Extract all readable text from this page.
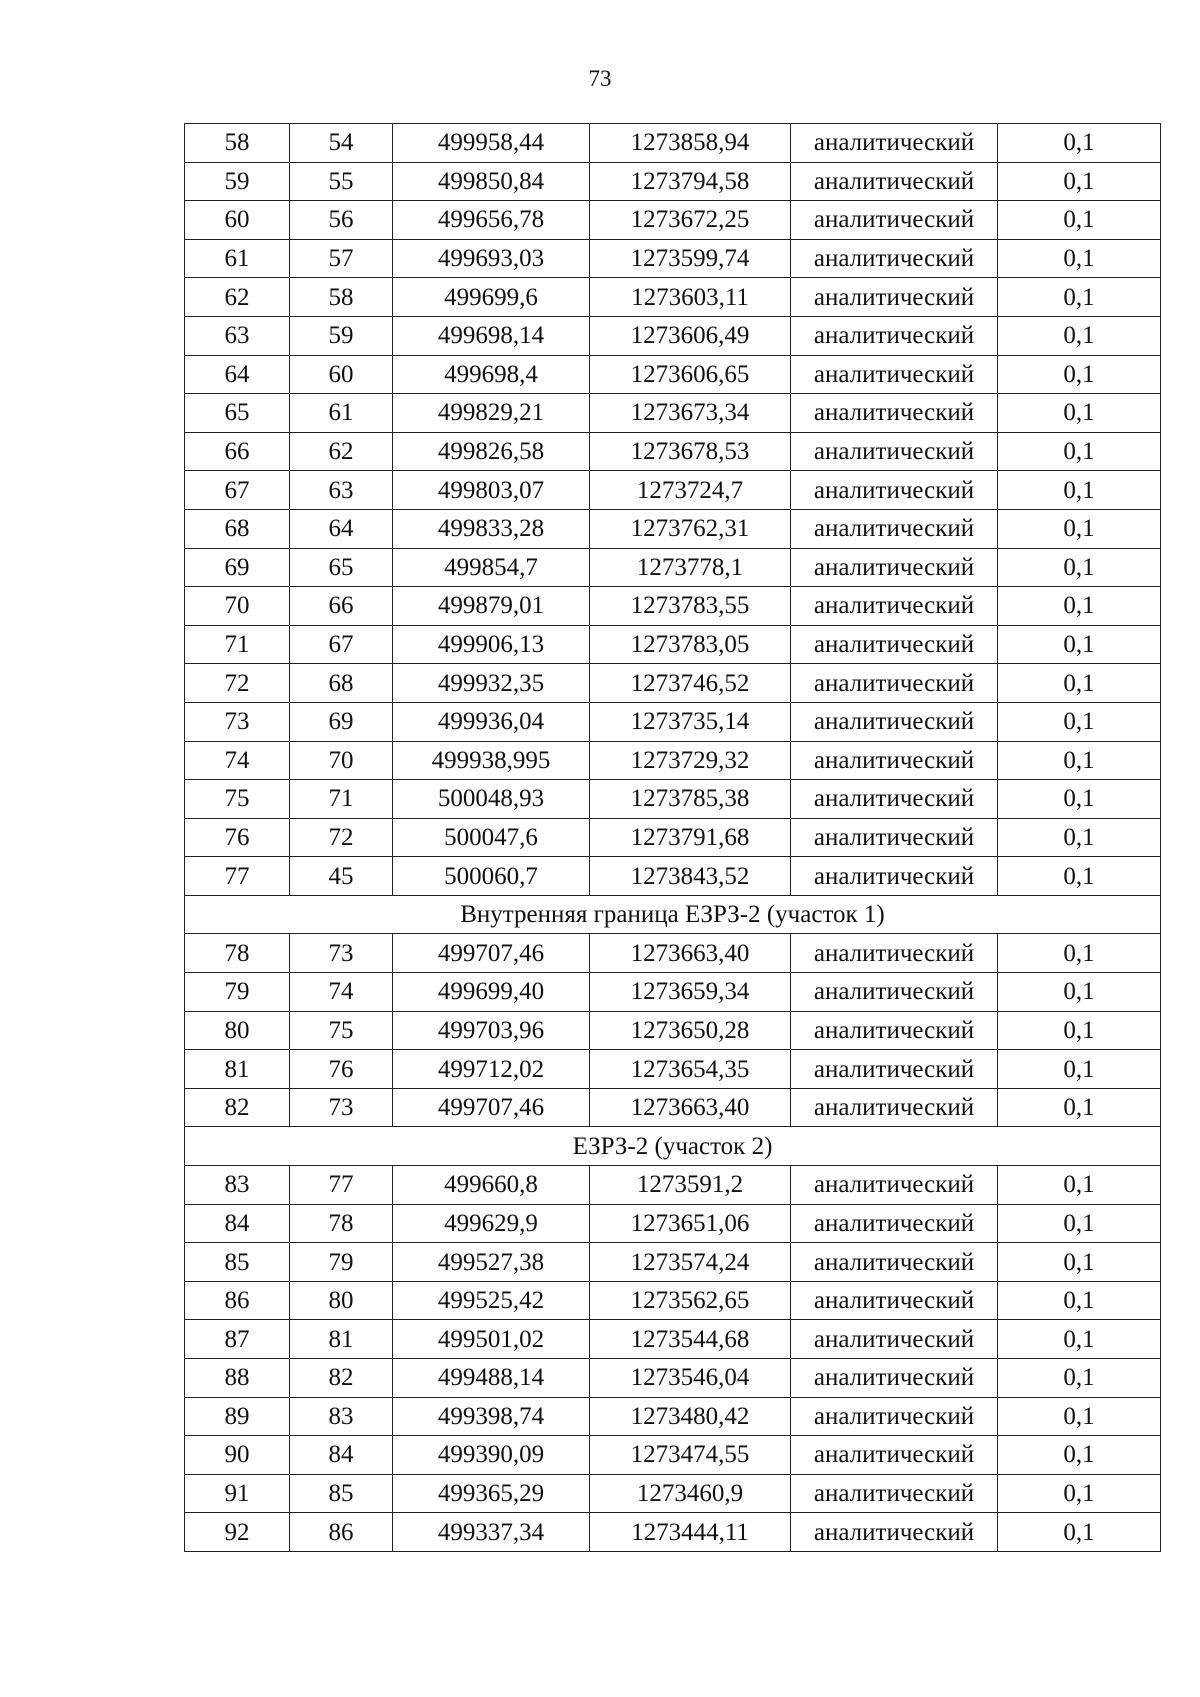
73
58	54	499958,44	1273858,94	аналитический	0,1
59	55	499850,84	1273794,58	аналитический	0,1
60	56	499656,78	1273672,25	аналитический	0,1
61	57	499693,03	1273599,74	аналитический	0,1
62	58	499699,6	1273603,11	аналитический	0,1
63	59	499698,14	1273606,49	аналитический	0,1
64	60	499698,4	1273606,65	аналитический	0,1
65	61	499829,21	1273673,34	аналитический	0,1
66	62	499826,58	1273678,53	аналитический	0,1
67	63	499803,07	1273724,7	аналитический	0,1
68	64	499833,28	1273762,31	аналитический	0,1
69	65	499854,7	1273778,1	аналитический	0,1
70	66	499879,01	1273783,55	аналитический	0,1
71	67	499906,13	1273783,05	аналитический	0,1
72	68	499932,35	1273746,52	аналитический	0,1
73	69	499936,04	1273735,14	аналитический	0,1
74	70	499938,995	1273729,32	аналитический	0,1
75	71	500048,93	1273785,38	аналитический	0,1
76	72	500047,6	1273791,68	аналитический	0,1
77	45	500060,7	1273843,52	аналитический	0,1
Внутренняя граница ЕЗРЗ-2 (участок 1)					
78	73	499707,46	1273663,40	аналитический	0,1
79	74	499699,40	1273659,34	аналитический	0,1
80	75	499703,96	1273650,28	аналитический	0,1
81	76	499712,02	1273654,35	аналитический	0,1
82	73	499707,46	1273663,40	аналитический	0,1
ЕЗРЗ-2 (участок 2)					
83	77	499660,8	1273591,2	аналитический	0,1
84	78	499629,9	1273651,06	аналитический	0,1
85	79	499527,38	1273574,24	аналитический	0,1
86	80	499525,42	1273562,65	аналитический	0,1
87	81	499501,02	1273544,68	аналитический	0,1
88	82	499488,14	1273546,04	аналитический	0,1
89	83	499398,74	1273480,42	аналитический	0,1
90	84	499390,09	1273474,55	аналитический	0,1
91	85	499365,29	1273460,9	аналитический	0,1
92	86	499337,34	1273444,11	аналитический	0,1
